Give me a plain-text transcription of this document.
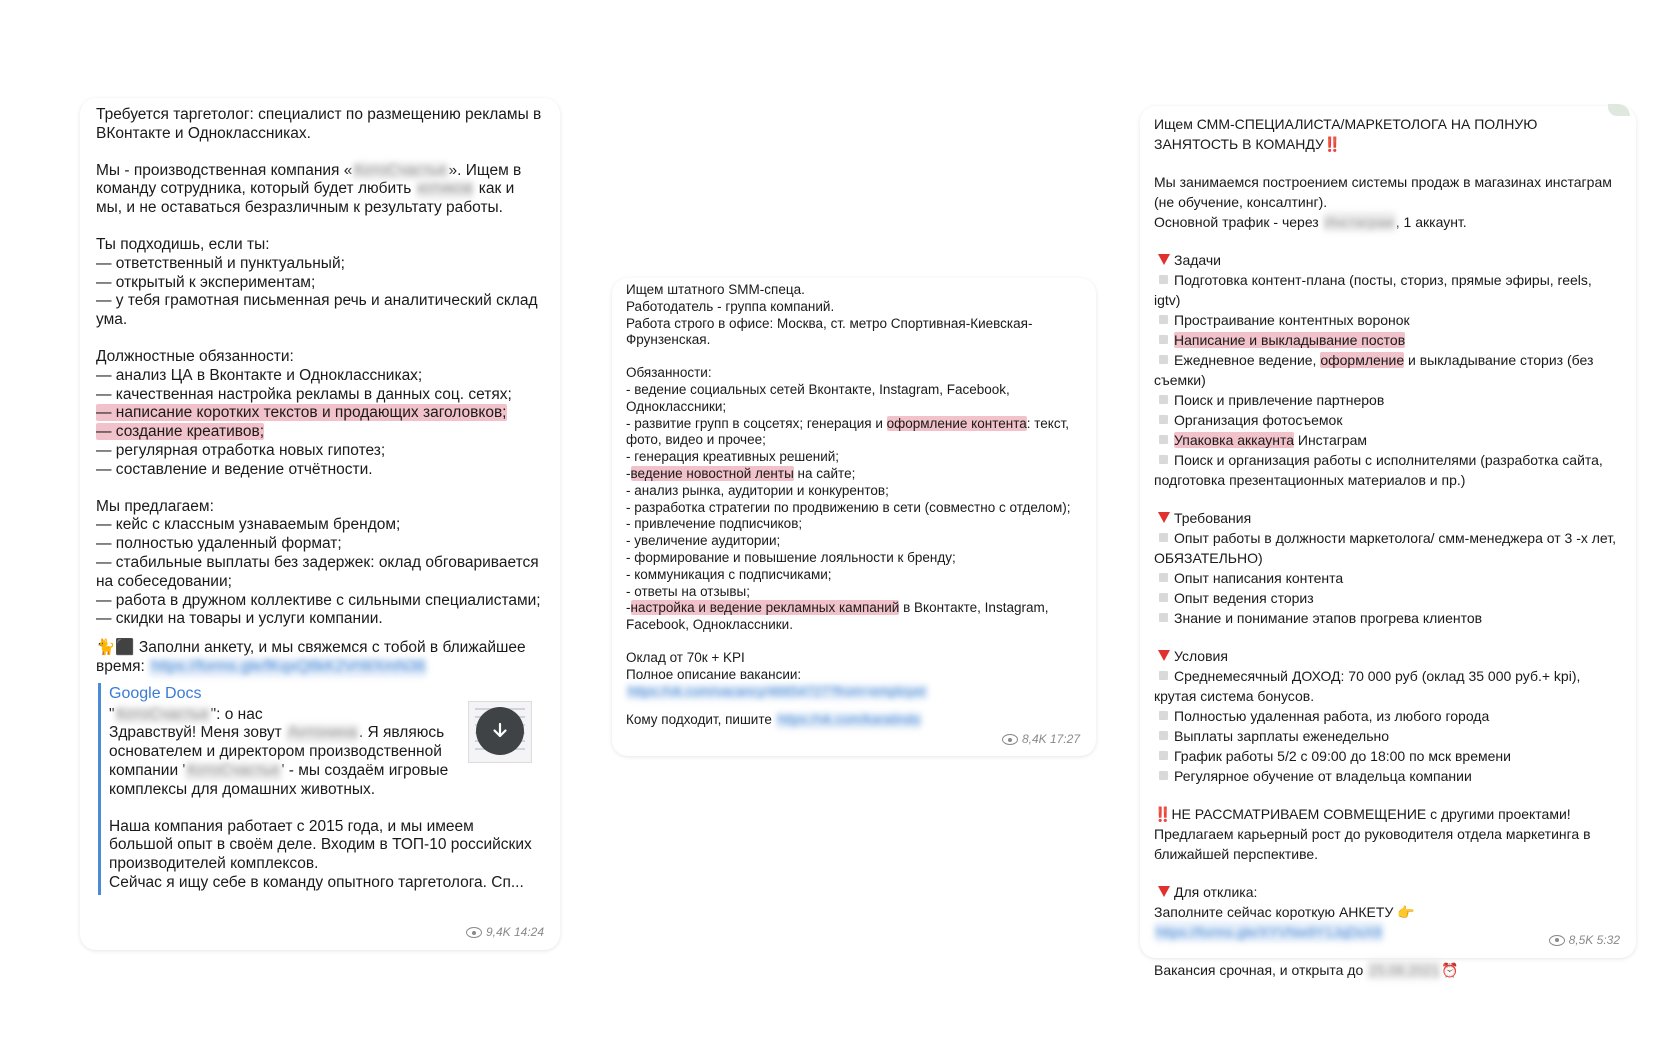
Требуется таргетолог: специалист по размещению рекламы в ВКонтакте и Одноклассниках.
Мы - производственная компания « КотоСчастье ». Ищем в команду сотрудника, который будет любить котиков как и мы, и не оставаться безразличным к результату работы.
Ты подходишь, если ты:
— ответственный и пунктуальный;
— открытый к экспериментам;
— у тебя грамотная письменная речь и аналитический склад ума.
Должностные обязанности:
— анализ ЦА в Вконтакте и Одноклассниках;
— качественная настройка рекламы в данных соц. сетях;
— написание коротких текстов и продающих заголовков;
— создание креативов;
— регулярная отработка новых гипотез;
— составление и ведение отчётности.
Мы предлагаем:
— кейс с классным узнаваемым брендом;
— полностью удаленный формат;
— стабильные выплаты без задержек: оклад обговаривается на собеседовании;
— работа в дружном коллективе с сильными специалистами;
— скидки на товары и услуги компании.
🐈⬛ Заполни анкету, и мы свяжемся с тобой в ближайшее время: https://forms.gle/fKqxQ8kK2VrWXmN36
Google Docs
" КотоСчастье ": о нас
Здравствуй! Меня зовут Антонина . Я являюсь основателем и директором производственной компании ' КотоСчастье ' - мы создаём игровые комплексы для домашних животных.
Наша компания работает с 2015 года, и мы имеем большой опыт в своём деле. Входим в ТОП-10 российских производителей комплексов.
Сейчас я ищу себе в команду опытного таргетолога. Сп...
9,4K 14:24
Ищем штатного SMM-спеца.
Работодатель - группа компаний.
Работа строго в офисе: Москва, ст. метро Спортивная-Киевская-Фрунзенская.
Обязанности:
- ведение социальных сетей Вконтакте, Instagram, Facebook, Одноклассники;
- развитие групп в соцсетях; генерация и оформление контента: текст, фото, видео и прочее;
- генерация креативных решений;
-ведение новостной ленты на сайте;
- анализ рынка, аудитории и конкурентов;
- разработка стратегии по продвижению в сети (совместно с отделом);
- привлечение подписчиков;
- увеличение аудитории;
- формирование и повышение лояльности к бренду;
- коммуникация с подписчиками;
- ответы на отзывы;
-настройка и ведение рекламных кампаний в Вконтакте, Instagram, Facebook, Одноклассники.
Оклад от 70к + KPI
Полное описание вакансии:
https://vk.com/vacancy/46654727?from=employer
Кому подходит, пишите https://vk.com/karatindo
8,4K 17:27
Ищем СММ-СПЕЦИАЛИСТА/МАРКЕТОЛОГА НА ПОЛНУЮ ЗАНЯТОСТЬ В КОМАНДУ‼️
Мы занимаемся построением системы продаж в магазинах инстаграм (не обучение, консалтинг).
Основной трафик - через Инстаграм , 1 аккаунт.
Задачи
Подготовка контент-плана (посты, сториз, прямые эфиры, reels, igtv)
Прострaивание контентных воронок
Написание и выкладывание постов
Ежедневное ведение, оформление и выкладывание сториз (без съемки)
Поиск и привлечение партнеров
Организация фотосъемок
Упаковка аккаунта Инстаграм
Поиск и организация работы с исполнителями (разработка сайта, подготовка презентационных материалов и пр.)
Требования
Опыт работы в должности маркетолога/ смм-менеджера от 3 -х лет, ОБЯЗАТЕЛЬНО)
Опыт написания контента
Опыт ведения сториз
Знание и понимание этапов прогрева клиентов
Условия
Среднемесячный ДОХОД: 70 000 руб (оклад 35 000 руб.+ kpi), крутая система бонусов.
Полностью удаленная работа, из любого города
Выплаты зарплаты еженедельно
График работы 5/2 с 09:00 до 18:00 по мск времени
Регулярное обучение от владельца компании
‼️НЕ РАССМАТРИВАЕМ СОВМЕЩЕНИЕ с другими проектами!
Предлагаем карьерный рост до руководителя отдела маркетинга в ближайшей перспективе.
Для отклика:
Заполните сейчас короткую АНКЕТУ 👉 https://forms.gle/XYVNw9Y1JqDsX8
Вакансия срочная, и открыта до 25.08.2021 ⏰
8,5K 5:32
